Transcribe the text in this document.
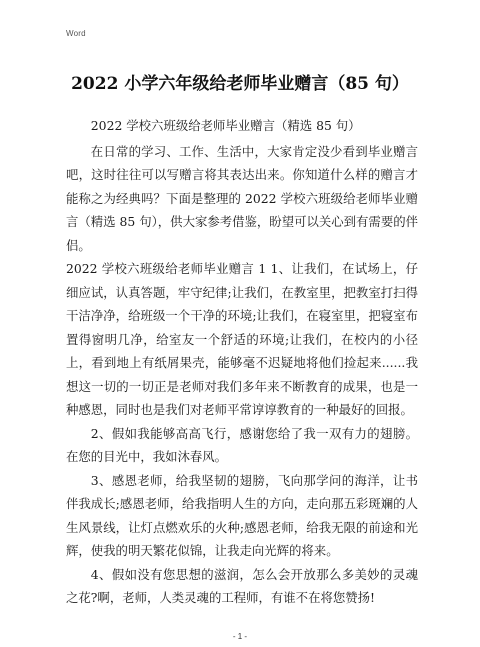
Word
2022 小学六年级给老师毕业赠言（85 句）

2022 学校六班级给老师毕业赠言（精选 85 句）

在日常的学习、工作、生活中，大家肯定没少看到毕业赠言吧，这时往往可以写赠言将其表达出来。你知道什么样的赠言才能称之为经典吗？下面是整理的 2022 学校六班级给老师毕业赠言（精选 85 句），供大家参考借鉴，盼望可以关心到有需要的伴侣。

2022 学校六班级给老师毕业赠言 1 1、让我们，在试场上，仔细应试，认真答题，牢守纪律;让我们，在教室里，把教室打扫得干洁净净，给班级一个干净的环境;让我们，在寝室里，把寝室布置得窗明几净，给室友一个舒适的环境;让我们，在校内的小径上，看到地上有纸屑果壳，能够毫不迟疑地将他们捡起来......我想这一切的一切正是老师对我们多年来不断教育的成果，也是一种感恩，同时也是我们对老师平常谆谆教育的一种最好的回报。

2、假如我能够高高飞行，感谢您给了我一双有力的翅膀。在您的目光中，我如沐春风。

3、感恩老师，给我坚韧的翅膀，飞向那学问的海洋，让书伴我成长;感恩老师，给我指明人生的方向，走向那五彩斑斓的人生风景线，让灯点燃欢乐的火种;感恩老师，给我无限的前途和光辉，使我的明天繁花似锦，让我走向光辉的将来。

4、假如没有您思想的滋润，怎么会开放那么多美妙的灵魂之花?啊，老师，人类灵魂的工程师，有谁不在将您赞扬!

- 1 -
